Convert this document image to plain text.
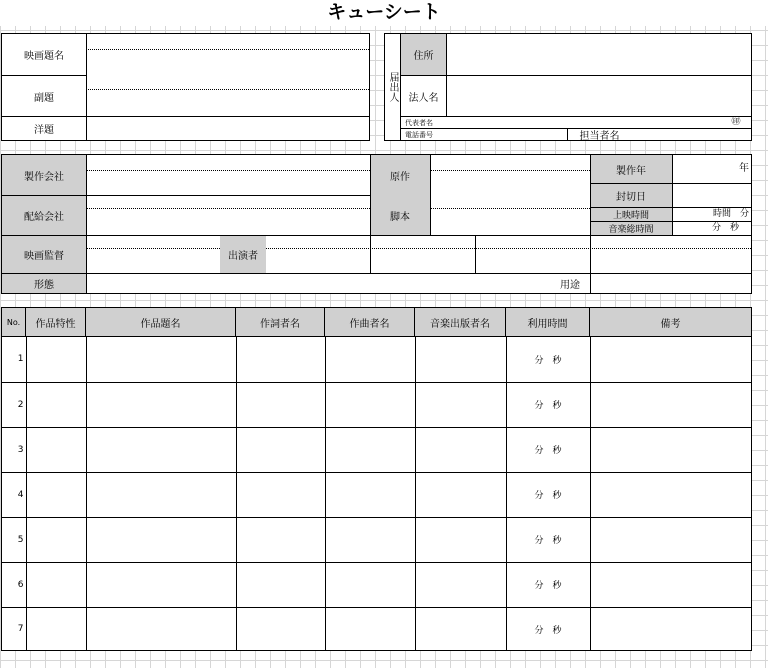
キューシート
映画題名
副題
洋題
届出人
住所
法人名
代表者名	㊞
電話番号	担当者名
製作会社	原作
製作年	年
配給会社	脚本
封切日
上映時間	時間　分
音楽総時間	分　秒
映画監督	出演者
形態	用途
No.	作品特性	作品題名	作詞者名	作曲者名	音楽出版者名	利用時間	備考
1						分　秒	
2						分　秒	
3						分　秒	
4						分　秒	
5						分　秒	
6						分　秒	
7						分　秒	
